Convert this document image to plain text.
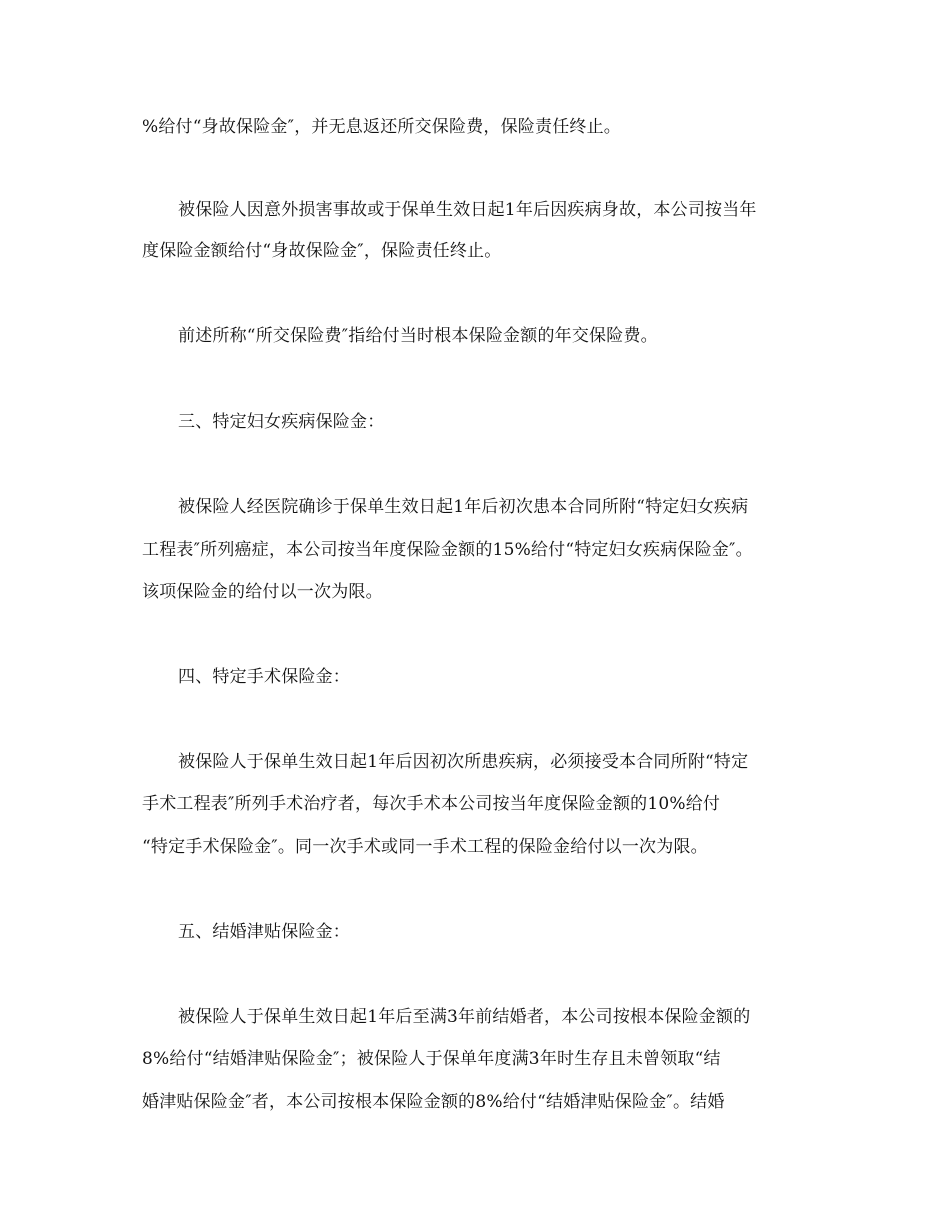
%给付“身故保险金″，并无息返还所交保险费，保险责任终止。
被保险人因意外损害事故或于保单生效日起1年后因疾病身故，本公司按当年
度保险金额给付“身故保险金″，保险责任终止。
前述所称“所交保险费″指给付当时根本保险金额的年交保险费。
三、特定妇女疾病保险金：
被保险人经医院确诊于保单生效日起1年后初次患本合同所附“特定妇女疾病
工程表″所列癌症，本公司按当年度保险金额的15%给付“特定妇女疾病保险金″。
该项保险金的给付以一次为限。
四、特定手术保险金：
被保险人于保单生效日起1年后因初次所患疾病，必须接受本合同所附“特定
手术工程表″所列手术治疗者，每次手术本公司按当年度保险金额的10%给付
“特定手术保险金″。同一次手术或同一手术工程的保险金给付以一次为限。
五、结婚津贴保险金：
被保险人于保单生效日起1年后至满3年前结婚者，本公司按根本保险金额的
8%给付“结婚津贴保险金″；被保险人于保单年度满3年时生存且未曾领取“结
婚津贴保险金″者，本公司按根本保险金额的8%给付“结婚津贴保险金″。结婚
